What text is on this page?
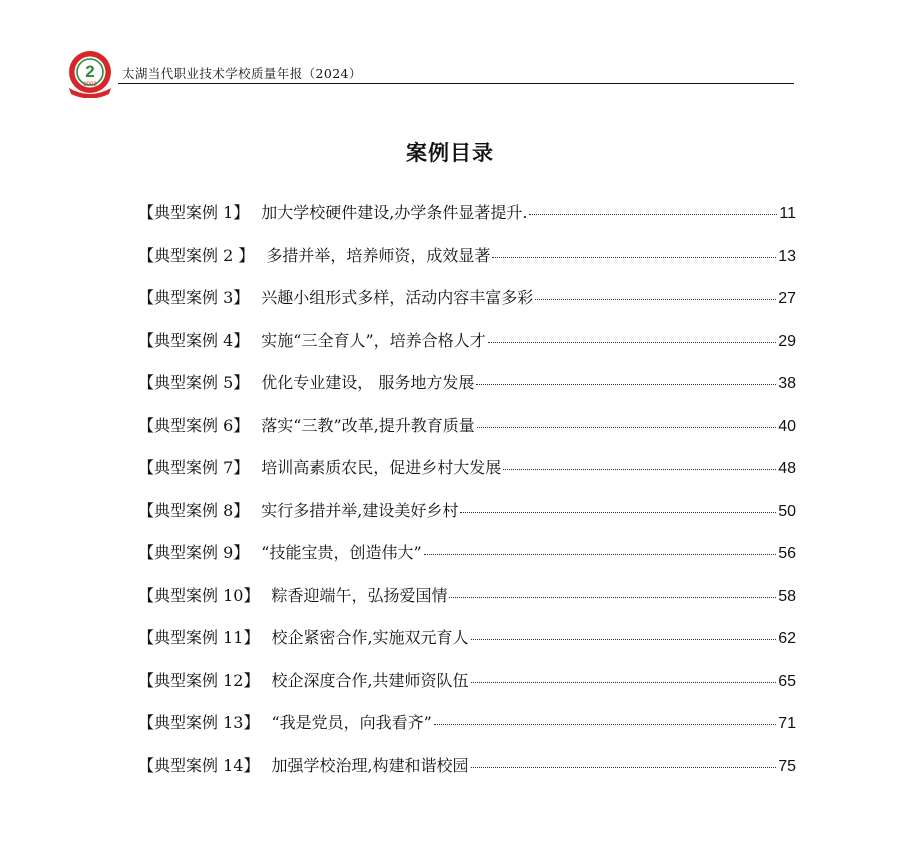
2
2003
太湖当代职业技术学校质量年报（2024）
案例目录
【典型案例 1】 加大学校硬件建设,办学条件显著提升.	11
【典型案例 2 】 多措并举，培养师资，成效显著	13
【典型案例 3】 兴趣小组形式多样，活动内容丰富多彩	27
【典型案例 4】 实施“三全育人”，培养合格人才	29
【典型案例 5】 优化专业建设， 服务地方发展	38
【典型案例 6】 落实“三教”改革,提升教育质量	40
【典型案例 7】 培训高素质农民，促进乡村大发展	48
【典型案例 8】 实行多措并举,建设美好乡村	50
【典型案例 9】 “技能宝贵，创造伟大”	56
【典型案例 10】 粽香迎端午，弘扬爱国情	58
【典型案例 11】 校企紧密合作,实施双元育人	62
【典型案例 12】 校企深度合作,共建师资队伍	65
【典型案例 13】 “我是党员，向我看齐”	71
【典型案例 14】 加强学校治理,构建和谐校园	75
